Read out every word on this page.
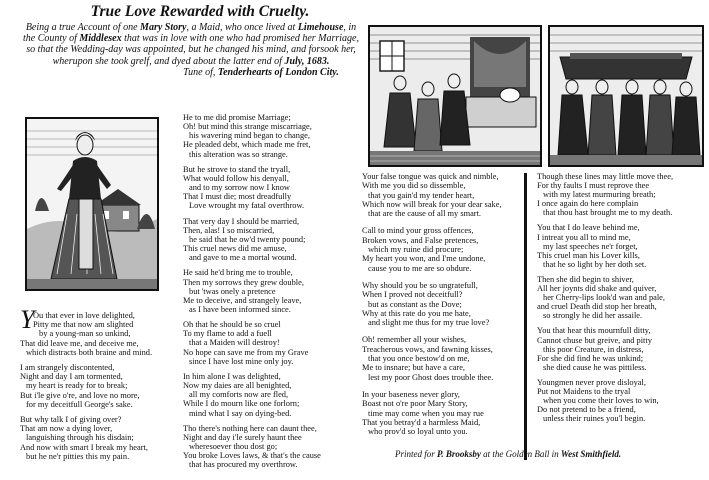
True Love Rewarded with Cruelty.
Being a true Account of one Mary Story, a Maid, who once lived at Limehouse, in the County of Middlesex that was in love with one who had promised her Marriage, so that the Wedding-day was appointed, but he changed his mind, and forsook her, wherupon she took grelf, and dyed about the latter end of July, 1683.
Tune of, Tenderhearts of London City.
Y
Ou that ever in love delighted,
Pitty me that now am slighted
by a young-man so unkind,
That did leave me, and deceive me,
which distracts both braine and mind.
I am strangely discontented,
Night and day I am tormented,
my heart is ready for to break;
But i'le give o're, and love no more,
for my deceitfull George's sake.
But why talk I of giving over?
That am now a dying lover,
languishing through his disdain;
And now with smart I break my heart,
but he ne'r pitties this my pain.
He to me did promise Marriage;
Oh! but mind this strange miscarriage,
his wavering mind began to change,
He pleaded debt, which made me fret,
this alteration was so strange.
But he strove to stand the tryall,
What would follow his denyall,
and to my sorrow now I know
That I must die; most dreadfully
Love wrought my fatal overthrow.
That very day I should be married,
Then, alas! I so miscarried,
he said that he ow'd twenty pound;
This cruel news did me amuse,
and gave to me a mortal wound.
He said he'd bring me to trouble,
Then my sorrows they grew double,
but 'twas onely a pretence
Me to deceive, and strangely leave,
as I have been informed since.
Oh that he should be so cruel
To my flame to add a fuell
that a Maiden will destroy!
No hope can save me from my Grave
since I have lost mine only joy.
In him alone I was delighted,
Now my daies are all benighted,
all my comforts now are fled,
While I do mourn like one forlorn;
mind what I say on dying-bed.
Tho there's nothing here can daunt thee,
Night and day i'le surely haunt thee
wheresoever thou dost go;
You broke Loves laws, & that's the cause
that has procured my overthrow.
Your false tongue was quick and nimble,
With me you did so dissemble,
that you gain'd my tender heart,
Which now will break for your dear sake,
that are the cause of all my smart.
Call to mind your gross offences,
Broken vows, and False pretences,
which my ruine did procure;
My heart you won, and I'me undone,
cause you to me are so obdure.
Why should you be so ungratefull,
When I proved not deceitfull?
but as constant as the Dove;
Why at this rate do you me hate,
and slight me thus for my true love?
Oh! remember all your wishes,
Treacherous vows, and fawning kisses,
that you once bestow'd on me,
Me to insnare; but have a care,
lest my poor Ghost does trouble thee.
In your baseness never glory,
Boast not o're poor Mary Story,
time may come when you may rue
That you betray'd a harmless Maid,
who prov'd so loyal unto you.
Though these lines may little move thee,
For thy faults I must reprove thee
with my latest murmuring breath;
I once again do here complain
that thou hast brought me to my death.
You that I do leave behind me,
I intreat you all to mind me,
my last speeches ne'r forget,
This cruel man his Lover kills,
that he so light by her doth set.
Then she did begin to shiver,
All her joynts did shake and quiver,
her Cherry-lips look'd wan and pale,
and cruel Death did stop her breath,
so strongly he did her assaile.
You that hear this mournfull ditty,
Cannot chuse but greive, and pitty
this poor Creature, in distress,
For she did find he was unkind;
she died cause he was pittiless.
Youngmen never prove disloyal,
Put not Maidens to the tryal
when you come their loves to win,
Do not pretend to be a friend,
unless their ruines you'l begin.
Printed for P. Brooksby at the Golden Ball in West Smithfield.
